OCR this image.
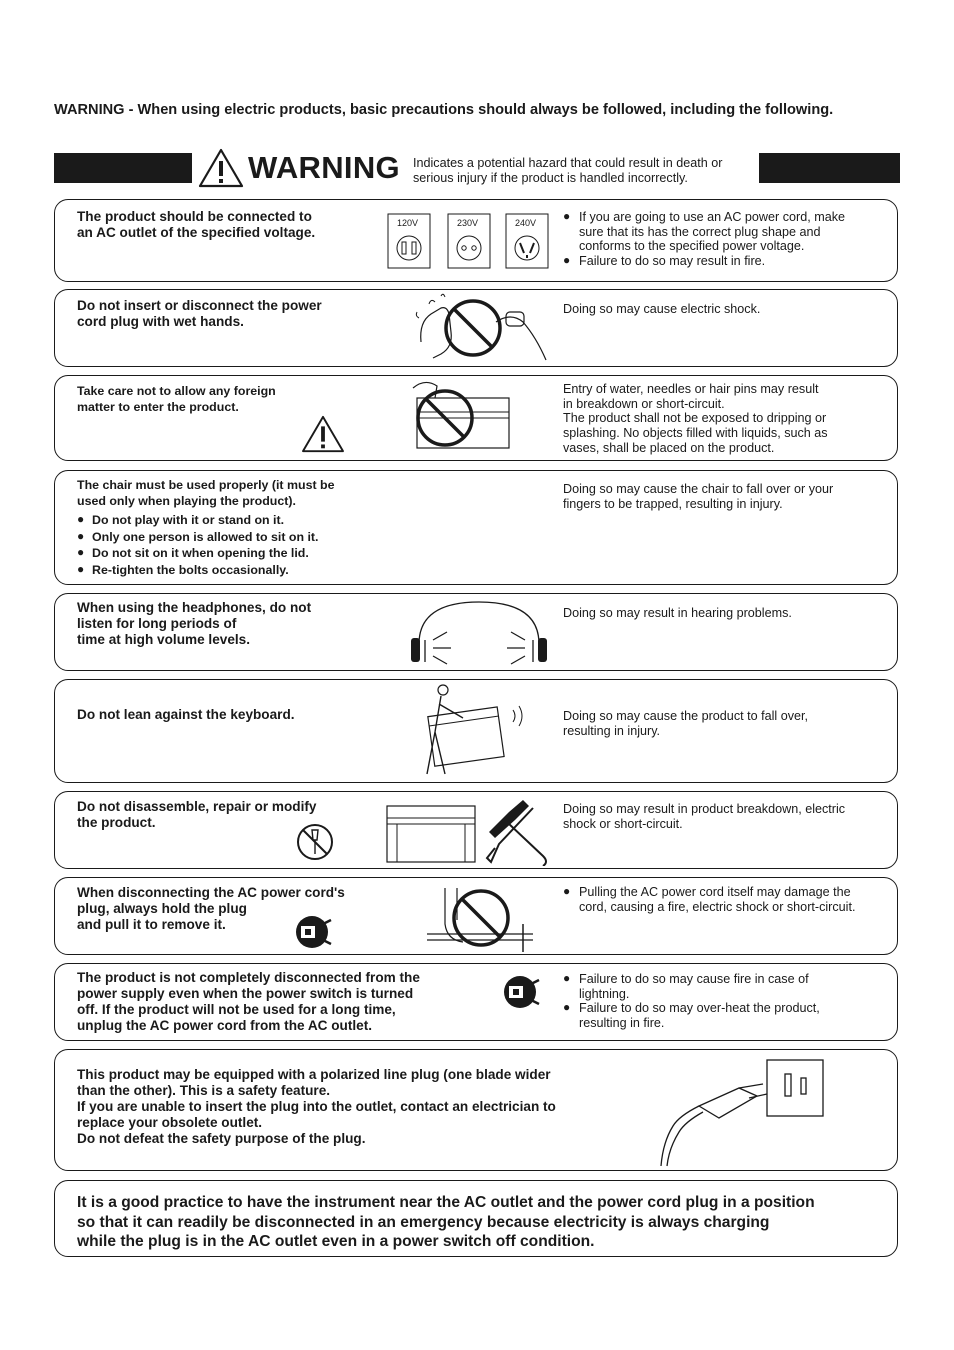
WARNING - When using electric products, basic precautions should always be followed, including the following.
WARNING Indicates a potential hazard that could result in death or
serious injury if the product is handled incorrectly.
The product should be connected to
an AC outlet of the specified voltage.
120V	230V	240V
●	If you are going to use an AC power cord, make sure that its has the correct plug shape and conforms to the specified power voltage.
● Failure to do so may result in fire.
Do not insert or disconnect the power
cord plug with wet hands.
Doing so may cause electric shock.
Take care not to allow any foreign
matter to enter the product.
Entry of water, needles or hair pins may result
in breakdown or short-circuit.
The product shall not be exposed to dripping or
splashing. No objects filled with liquids, such as
vases, shall be placed on the product.
The chair must be used properly (it must be
used only when playing the product).
● Do not play with it or stand on it.
● Only one person is allowed to sit on it.
● Do not sit on it when opening the lid.
● Re-tighten the bolts occasionally.
Doing so may cause the chair to fall over or your
fingers to be trapped, resulting in injury.
When using the headphones, do not
listen for long periods of
time at high volume levels.
Doing so may result in hearing problems.
Do not lean against the keyboard.	Doing so may cause the product to fall over,
resulting in injury.
Do not disassemble, repair or modify
the product.
Doing so may result in product breakdown, electric
shock or short-circuit.
When disconnecting the AC power cord's
plug, always hold the plug
and pull it to remove it.
● Pulling the AC power cord itself may damage the cord, causing a fire, electric shock or short-circuit.
The product is not completely disconnected from the
power supply even when the power switch is turned
off. If the product will not be used for a long time,
unplug the AC power cord from the AC outlet.
● Failure to do so may cause fire in case of lightning.
● Failure to do so may over-heat the product, resulting in fire.
This product may be equipped with a polarized line plug (one blade wider
than the other). This is a safety feature.
If you are unable to insert the plug into the outlet, contact an electrician to
replace your obsolete outlet.
Do not defeat the safety purpose of the plug.
It is a good practice to have the instrument near the AC outlet and the power cord plug in a position
so that it can readily be disconnected in an emergency because electricity is always charging
while the plug is in the AC outlet even in a power switch off condition.
